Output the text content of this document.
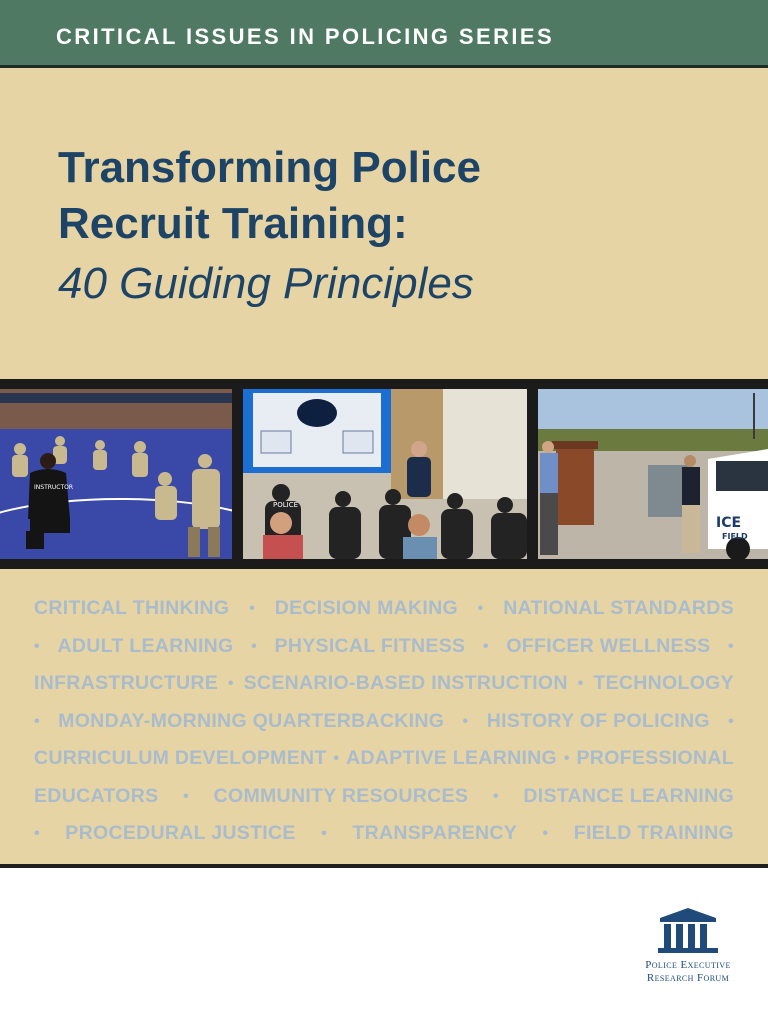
CRITICAL ISSUES IN POLICING SERIES
Transforming Police
Recruit Training:
40 Guiding Principles
INSTRUCTOR
POLICE
ICE
FIELD
CRITICAL THINKING • DECISION MAKING • NATIONAL STANDARDS
• ADULT LEARNING • PHYSICAL FITNESS • OFFICER WELLNESS •
INFRASTRUCTURE • SCENARIO-BASED INSTRUCTION • TECHNOLOGY
• MONDAY-MORNING QUARTERBACKING • HISTORY OF POLICING •
CURRICULUM DEVELOPMENT • ADAPTIVE LEARNING • PROFESSIONAL
EDUCATORS • COMMUNITY RESOURCES • DISTANCE LEARNING
• PROCEDURAL JUSTICE • TRANSPARENCY • FIELD TRAINING
Police Executive
Research Forum
